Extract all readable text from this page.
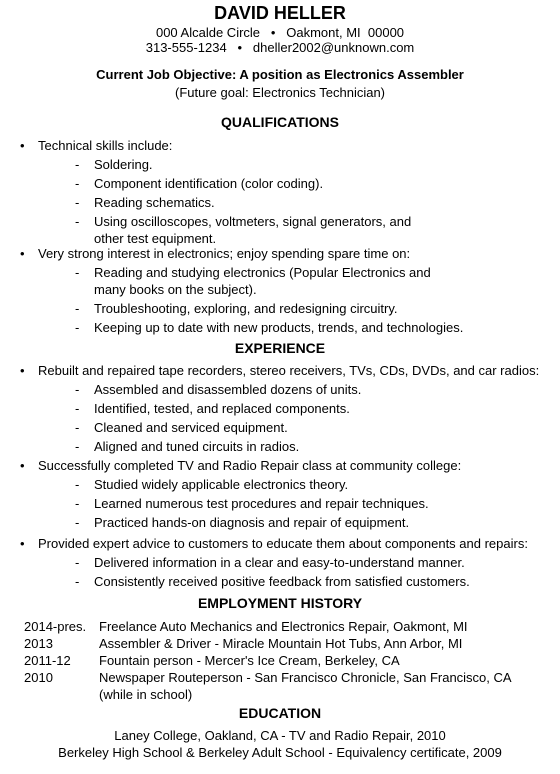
DAVID HELLER
000 Alcalde Circle   •   Oakmont, MI  00000
313-555-1234   •   dheller2002@unknown.com
Current Job Objective: A position as Electronics Assembler
(Future goal: Electronics Technician)
QUALIFICATIONS
• Technical skills include:
- Soldering.
- Component identification (color coding).
- Reading schematics.
- Using oscilloscopes, voltmeters, signal generators, and other test equipment.
• Very strong interest in electronics; enjoy spending spare time on:
- Reading and studying electronics (Popular Electronics and many books on the subject).
- Troubleshooting, exploring, and redesigning circuitry.
- Keeping up to date with new products, trends, and technologies.
EXPERIENCE
• Rebuilt and repaired tape recorders, stereo receivers, TVs, CDs, DVDs, and car radios:
- Assembled and disassembled dozens of units.
- Identified, tested, and replaced components.
- Cleaned and serviced equipment.
- Aligned and tuned circuits in radios.
• Successfully completed TV and Radio Repair class at community college:
- Studied widely applicable electronics theory.
- Learned numerous test procedures and repair techniques.
- Practiced hands-on diagnosis and repair of equipment.
• Provided expert advice to customers to educate them about components and repairs:
- Delivered information in a clear and easy-to-understand manner.
- Consistently received positive feedback from satisfied customers.
EMPLOYMENT HISTORY
2014-pres. Freelance Auto Mechanics and Electronics Repair, Oakmont, MI
2013	Assembler & Driver - Miracle Mountain Hot Tubs, Ann Arbor, MI
2011-12 Fountain person - Mercer's Ice Cream, Berkeley, CA
2010	Newspaper Routeperson - San Francisco Chronicle, San Francisco, CA (while in school)
EDUCATION
Laney College, Oakland, CA - TV and Radio Repair, 2010
Berkeley High School & Berkeley Adult School - Equivalency certificate, 2009
